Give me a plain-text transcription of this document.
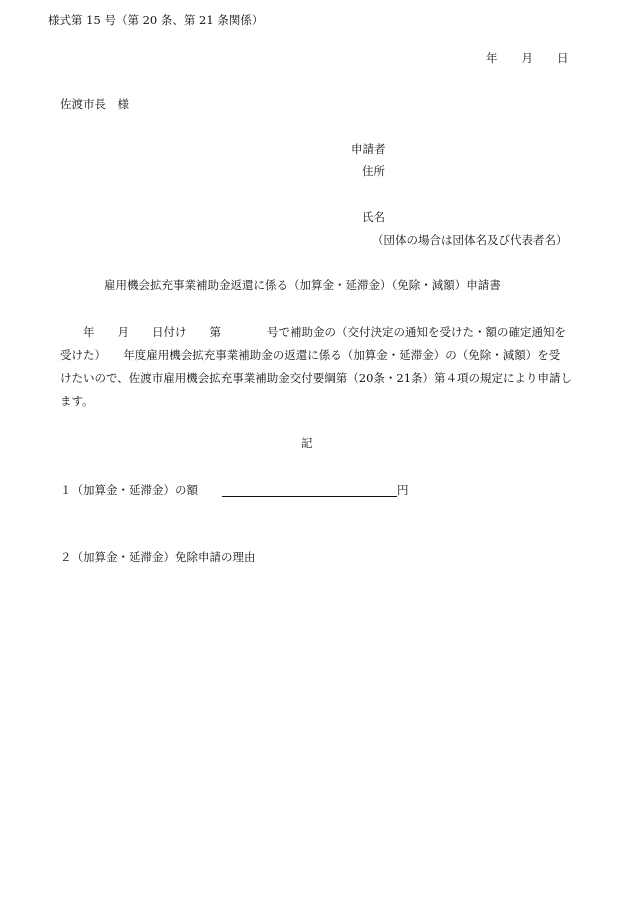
様式第 15 号（第 20 条、第 21 条関係）
年 月 日
佐渡市長　様
申請者
住所
氏名
（団体の場合は団体名及び代表者名）
雇用機会拡充事業補助金返還に係る（加算金・延滞金）（免除・減額）申請書
　　年　　月　　日付け　　第　　　　号で補助金の（交付決定の通知を受けた・額の確定通知を
受けた）　　年度雇用機会拡充事業補助金の返還に係る（加算金・延滞金）の（免除・減額）を受
けたいので、佐渡市雇用機会拡充事業補助金交付要綱第（20条・21条）第４項の規定により申請し
ます。
記
１（加算金・延滞金）の額	円
２（加算金・延滞金）免除申請の理由
